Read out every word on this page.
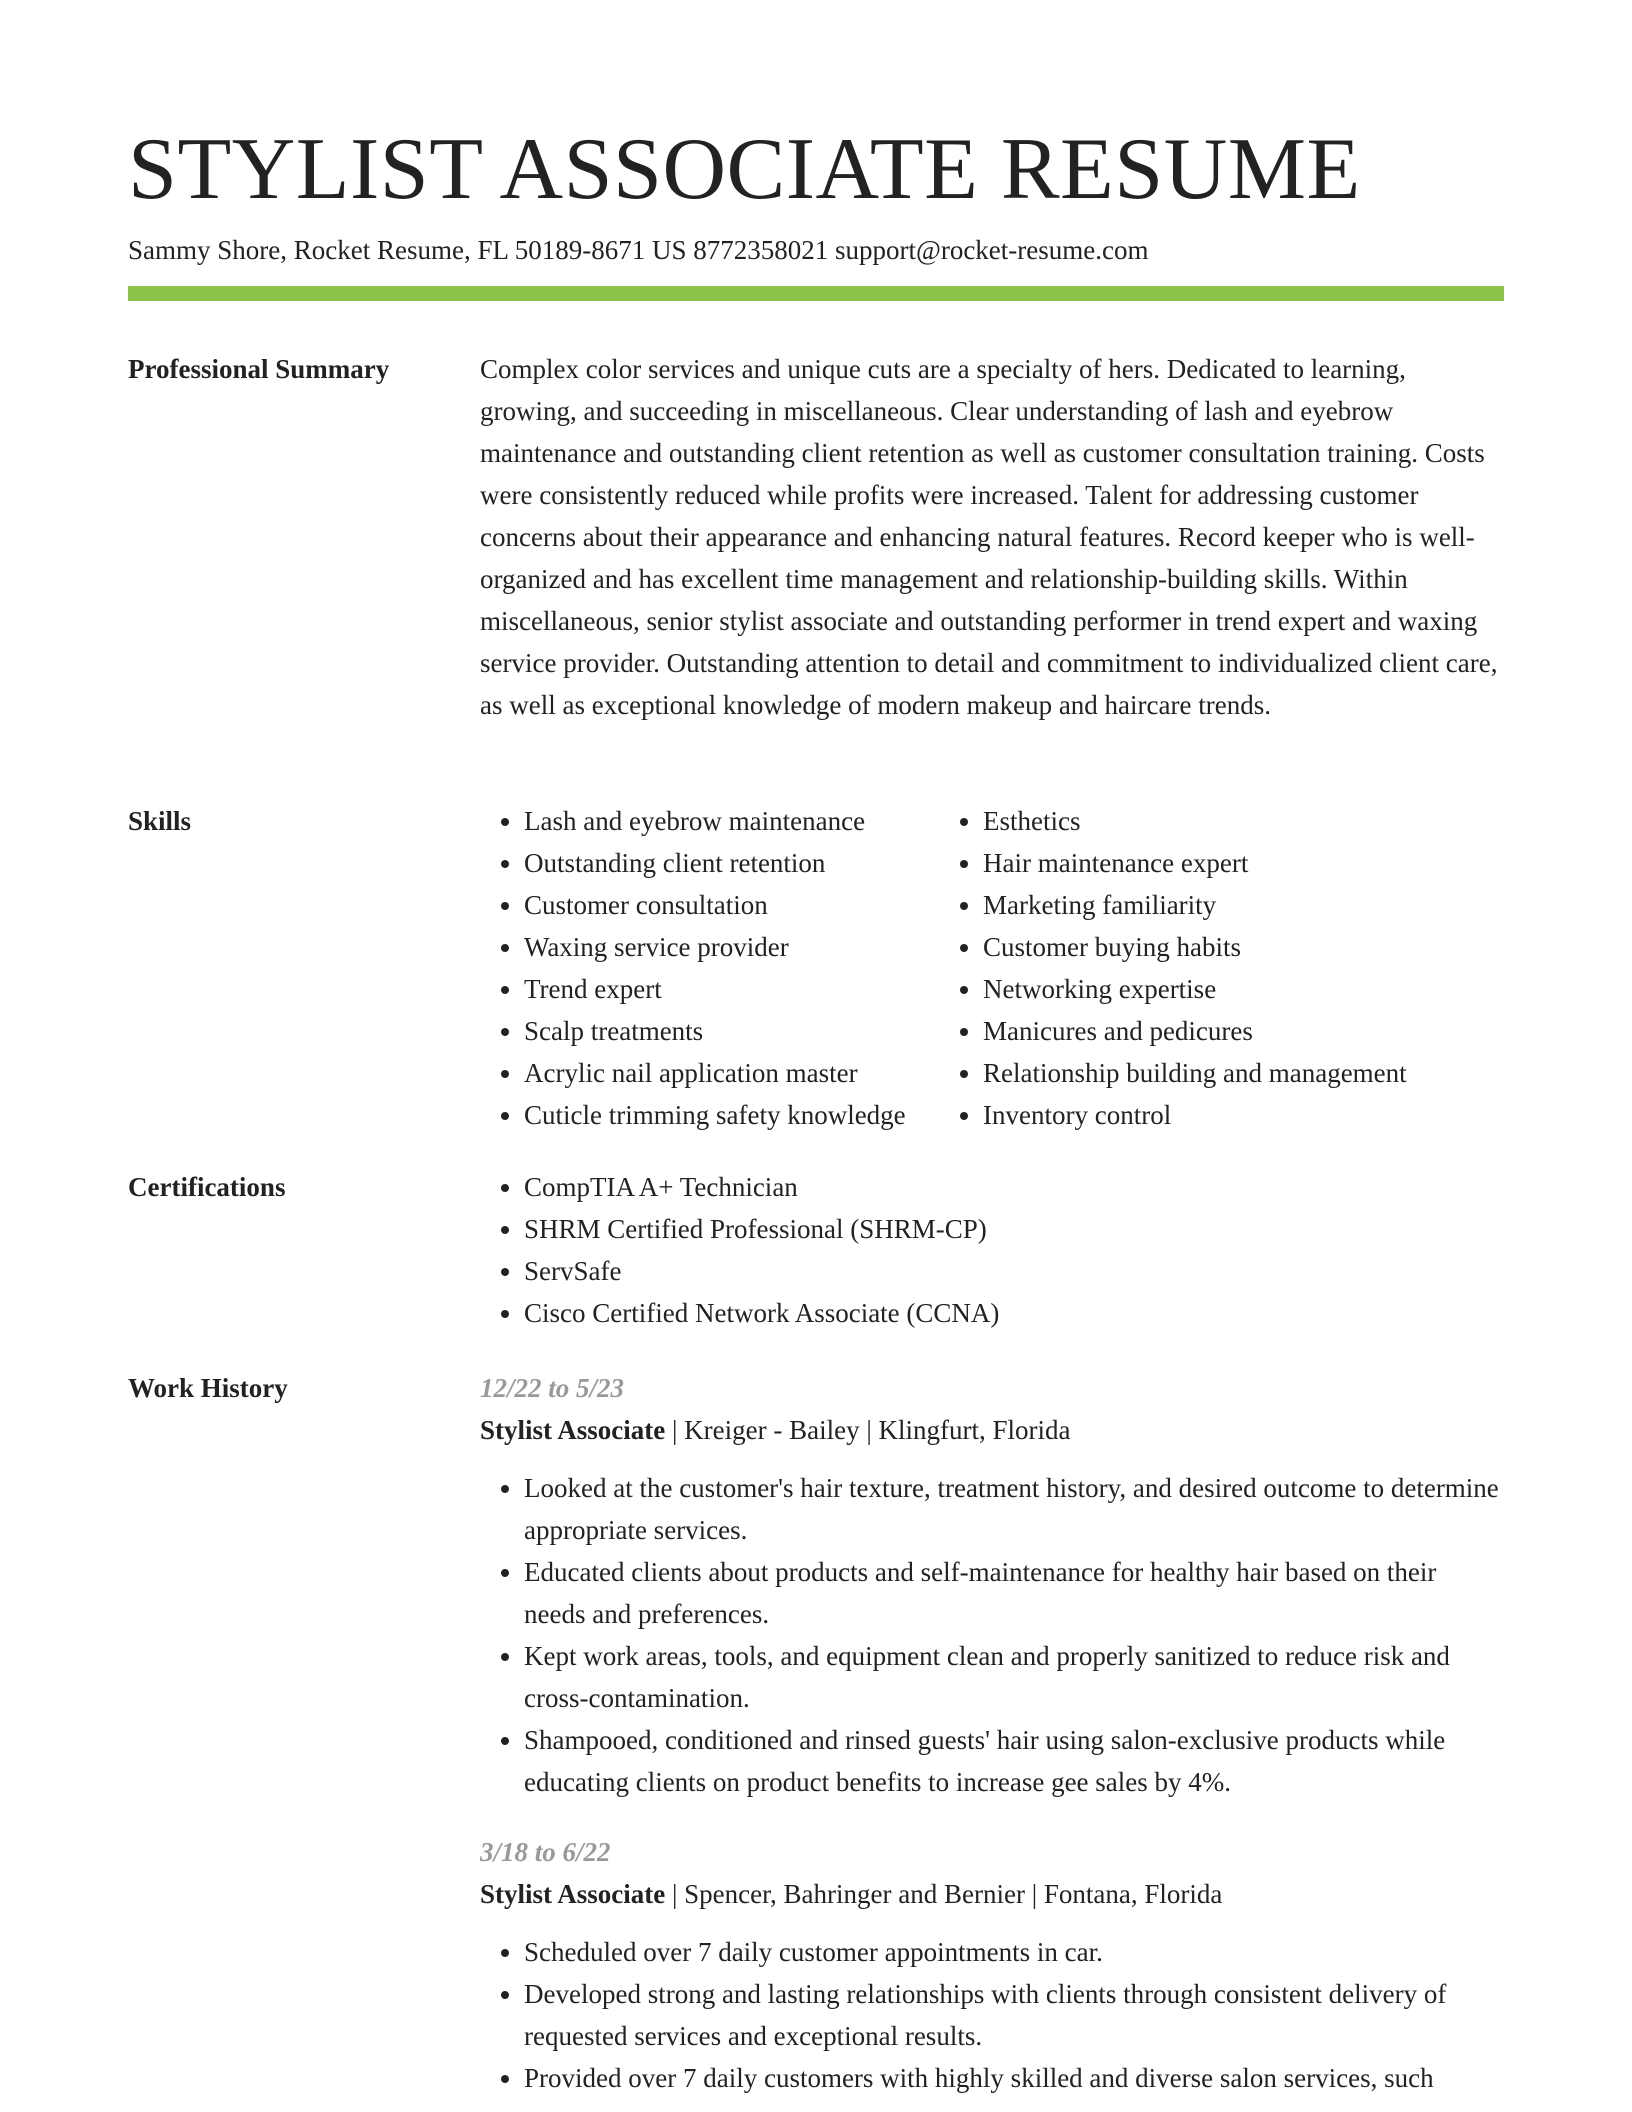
STYLIST ASSOCIATE RESUME
Sammy Shore, Rocket Resume, FL 50189-8671 US 8772358021 support@rocket-resume.com
Professional Summary	Complex color services and unique cuts are a specialty of hers. Dedicated to learning, growing, and succeeding in miscellaneous. Clear understanding of lash and eyebrow maintenance and outstanding client retention as well as customer consultation training. Costs were consistently reduced while profits were increased. Talent for addressing customer concerns about their appearance and enhancing natural features. Record keeper who is well-organized and has excellent time management and relationship-building skills. Within miscellaneous, senior stylist associate and outstanding performer in trend expert and waxing service provider. Outstanding attention to detail and commitment to individualized client care, as well as exceptional knowledge of modern makeup and haircare trends.

Skills	• Lash and eyebrow maintenance
• Outstanding client retention
• Customer consultation
• Waxing service provider
• Trend expert
• Scalp treatments
• Acrylic nail application master
• Cuticle trimming safety knowledge
• Esthetics
• Hair maintenance expert
• Marketing familiarity
• Customer buying habits
• Networking expertise
• Manicures and pedicures
• Relationship building and management
• Inventory control
Certifications	• CompTIA A+ Technician
• SHRM Certified Professional (SHRM-CP)
• ServSafe
• Cisco Certified Network Associate (CCNA)
Work History	12/22 to 5/23
Stylist Associate | Kreiger - Bailey | Klingfurt, Florida
• Looked at the customer's hair texture, treatment history, and desired outcome to determine appropriate services.
• Educated clients about products and self-maintenance for healthy hair based on their needs and preferences.
• Kept work areas, tools, and equipment clean and properly sanitized to reduce risk and cross-contamination.
• Shampooed, conditioned and rinsed guests' hair using salon-exclusive products while educating clients on product benefits to increase gee sales by 4%.
3/18 to 6/22
Stylist Associate | Spencer, Bahringer and Bernier | Fontana, Florida
• Scheduled over 7 daily customer appointments in car.
• Developed strong and lasting relationships with clients through consistent delivery of requested services and exceptional results.
• Provided over 7 daily customers with highly skilled and diverse salon services, such
